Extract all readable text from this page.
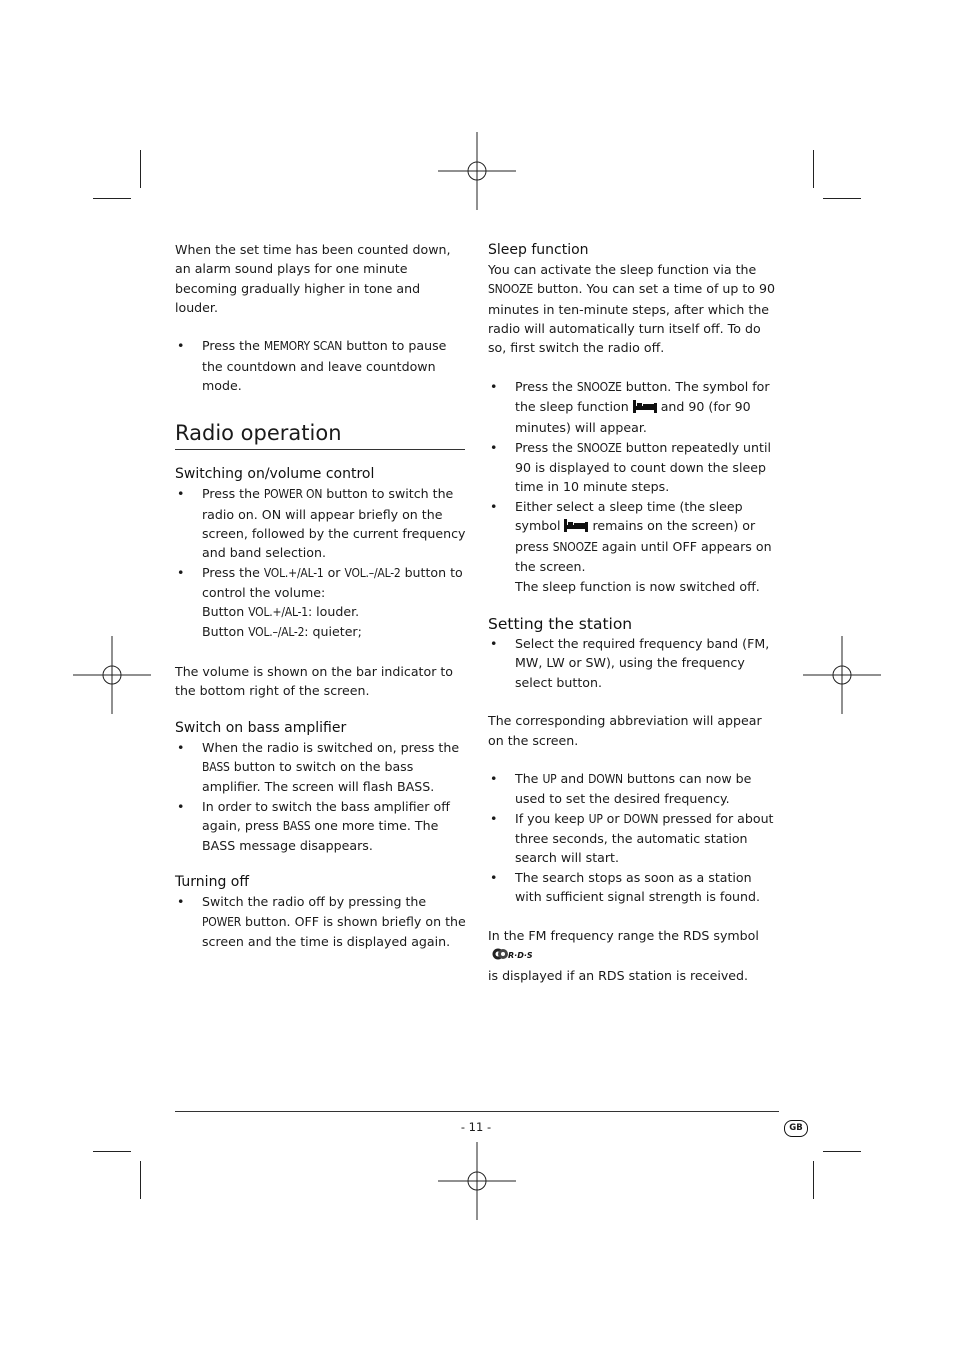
When the set time has been counted down, an alarm sound plays for one minute becoming gradually higher in tone and louder.

• Press the MEMORY SCAN button to pause the countdown and leave countdown mode.
Radio operation
Switching on/volume control
• Press the POWER ON button to switch the radio on. ON will appear briefly on the screen, followed by the current frequency and band selection.
• Press the VOL.+/AL-1 or VOL.–/AL-2 button to control the volume:
Button VOL.+/AL-1: louder.
Button VOL.–/AL-2: quieter;

The volume is shown on the bar indicator to the bottom right of the screen.

Switch on bass amplifier
• When the radio is switched on, press the BASS button to switch on the bass amplifier. The screen will flash BASS.
• In order to switch the bass amplifier off again, press BASS one more time. The BASS message disappears.
Turning off
• Switch the radio off by pressing the POWER button. OFF is shown briefly on the screen and the time is displayed again.
Sleep function

You can activate the sleep function via the SNOOZE button. You can set a time of up to 90 minutes in ten-minute steps, after which the radio will automatically turn itself off. To do so, first switch the radio off.

• Press the SNOOZE button. The symbol for the sleep function  and 90 (for 90 minutes) will appear.
• Press the SNOOZE button repeatedly until 90 is displayed to count down the sleep time in 10 minute steps.
• Either select a sleep time (the sleep symbol  remains on the screen) or press SNOOZE again until OFF appears on the screen.
The sleep function is now switched off.
Setting the station
• Select the required frequency band (FM, MW, LW or SW), using the frequency select button.

The corresponding abbreviation will appear on the screen.

• The UP and DOWN buttons can now be used to set the desired frequency.
• If you keep UP or DOWN pressed for about three seconds, the automatic station search will start.
• The search stops as soon as a station with sufficient signal strength is found.

In the FM frequency range the RDS symbol
R·D·S

is displayed if an RDS station is received.

- 11 -	GB
